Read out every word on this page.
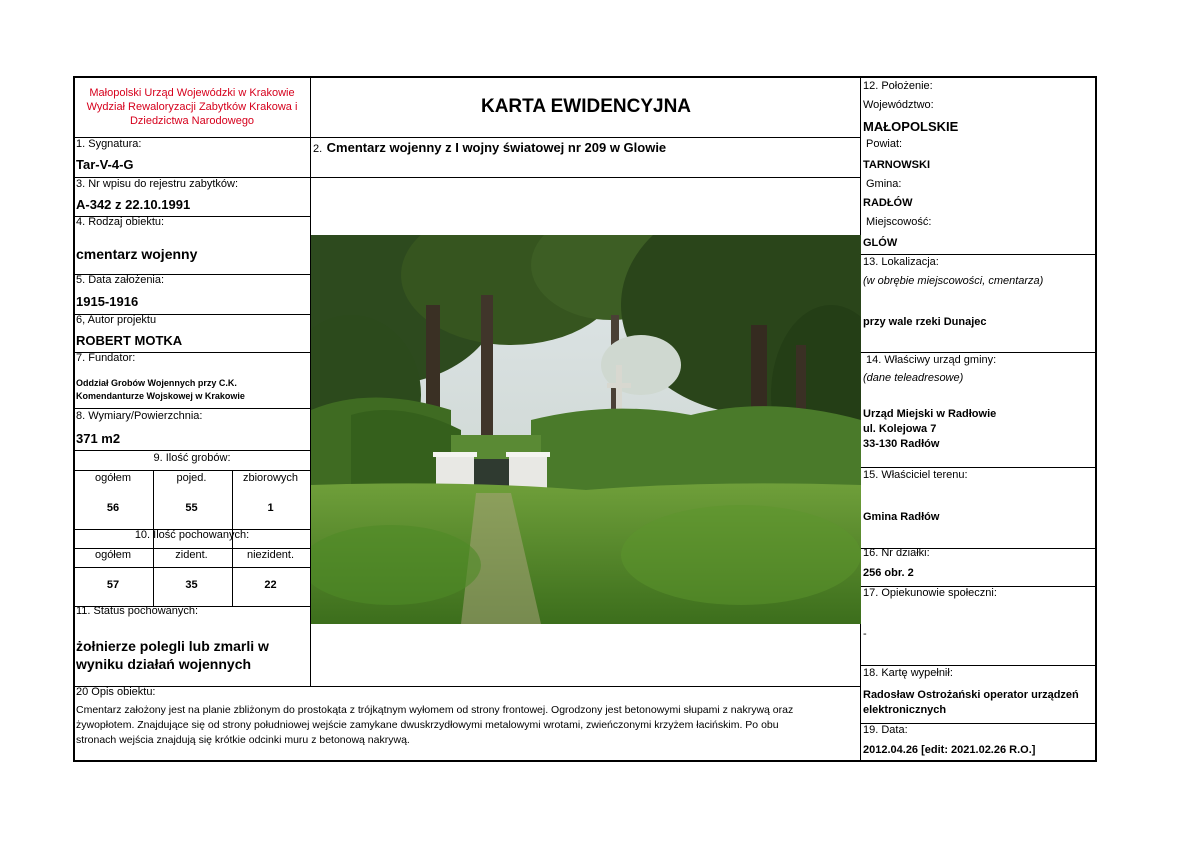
Małopolski Urząd Wojewódzki w Krakowie
Wydział Rewaloryzacji Zabytków Krakowa i
Dziedzictwa Narodowego
KARTA EWIDENCYJNA
1. Sygnatura:
Tar-V-4-G
3. Nr wpisu do rejestru zabytków:
A-342 z 22.10.1991
4. Rodzaj obiektu:
cmentarz wojenny
5. Data założenia:
1915-1916
6, Autor projektu
ROBERT MOTKA
7. Fundator:
Oddział Grobów Wojennych przy C.K.
Komendanturze Wojskowej w Krakowie
8. Wymiary/Powierzchnia:
371 m2
9. Ilość grobów:
ogółem	pojed.	zbiorowych
56	55	1
10. Ilość pochowanych:
ogółem	zident.	niezident.
57	35	22
11. Status pochowanych:
żołnierze polegli lub zmarli w
wyniku działań wojennych
2. Cmentarz wojenny z I wojny światowej nr 209 w Glowie
20 Opis obiektu:
Cmentarz założony jest na planie zbliżonym do prostokąta z trójkątnym wyłomem od strony frontowej. Ogrodzony jest betonowymi słupami z nakrywą oraz
żywopłotem. Znajdujące się od strony południowej wejście zamykane dwuskrzydłowymi metalowymi wrotami, zwieńczonymi krzyżem łacińskim. Po obu
stronach wejścia znajdują się krótkie odcinki muru z betonową nakrywą.
12. Położenie:
Województwo:
MAŁOPOLSKIE
Powiat:
TARNOWSKI
Gmina:
RADŁÓW
Miejscowość:
GLÓW
13. Lokalizacja:
(w obrębie miejscowości, cmentarza)
przy wale rzeki Dunajec
14. Właściwy urząd gminy:
(dane teleadresowe)
Urząd Miejski w Radłowie
ul. Kolejowa 7
33-130 Radłów
15. Właściciel terenu:
Gmina Radłów
16. Nr działki:
256 obr. 2
17. Opiekunowie społeczni:
-
18. Kartę wypełnił:
Radosław Ostrożański operator urządzeń
elektronicznych
19. Data:
2012.04.26 [edit: 2021.02.26 R.O.]
